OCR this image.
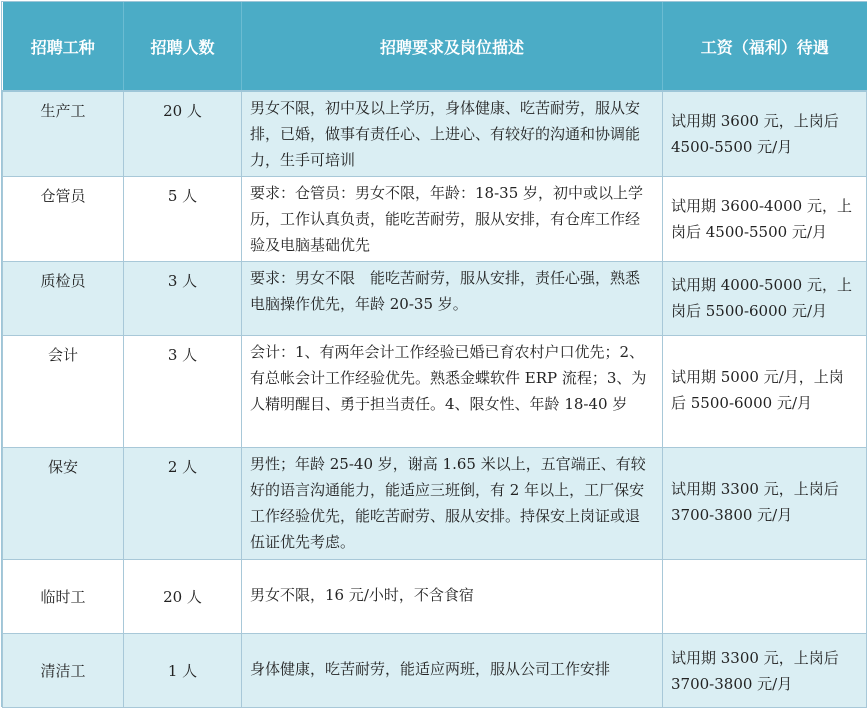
招聘工种	招聘人数	招聘要求及岗位描述	工资（福利）待遇
生产工	20 人	男女不限，初中及以上学历，身体健康、吃苦耐劳，服从安排，已婚，做事有责任心、上进心、有较好的沟通和协调能力，生手可培训	试用期 3600 元，上岗后 4500-5500 元/月
仓管员	5 人	要求：仓管员：男女不限，年龄：18-35 岁，初中或以上学历，工作认真负责，能吃苦耐劳，服从安排，有仓库工作经验及电脑基础优先	试用期 3600-4000 元，上岗后 4500-5500 元/月
质检员	3 人	要求：男女不限　能吃苦耐劳，服从安排，责任心强，熟悉电脑操作优先，年龄 20-35 岁。	试用期 4000-5000 元，上岗后 5500-6000 元/月
会计	3 人	会计：1、有两年会计工作经验已婚已育农村户口优先；2、有总帐会计工作经验优先。熟悉金蝶软件 ERP 流程；3、为人精明醒目、勇于担当责任。4、限女性、年龄 18-40 岁	试用期 5000 元/月，上岗后 5500-6000 元/月
保安	2 人	男性；年龄 25-40 岁，谢高 1.65 米以上，五官端正、有较好的语言沟通能力，能适应三班倒，有 2 年以上，工厂保安工作经验优先，能吃苦耐劳、服从安排。持保安上岗证或退伍证优先考虑。	试用期 3300 元，上岗后 3700-3800 元/月
临时工	20 人	男女不限，16 元/小时，不含食宿	
清洁工	1 人	身体健康，吃苦耐劳，能适应两班，服从公司工作安排	试用期 3300 元，上岗后 3700-3800 元/月
